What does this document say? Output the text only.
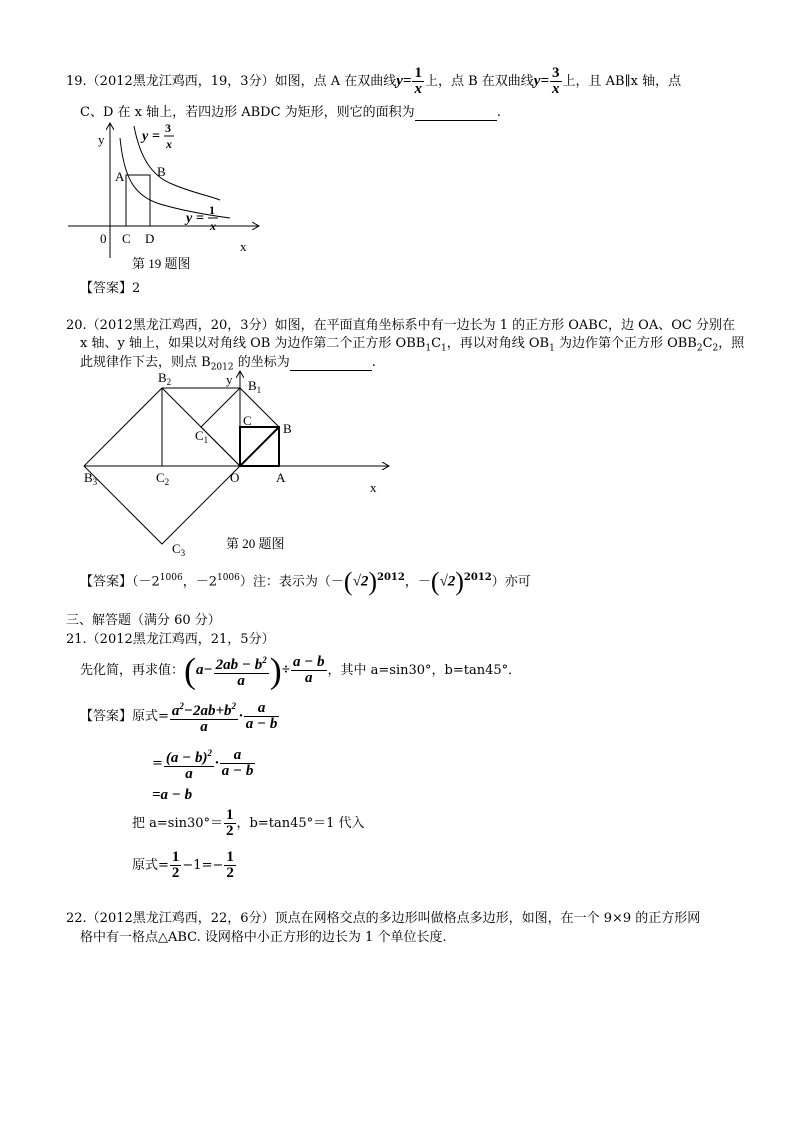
19.（2012黑龙江鸡西，19，3分）如图，点 A 在双曲线$y= \frac{1}{x}$ 上，点 B 在双曲线$y= \frac{3}{x}$ 上，且 AB∥x 轴，点
C、D 在 x 轴上，若四边形 ABDC 为矩形，则它的面积为	.
y
x
0
A	B
C D
y =
3
x
y =
1
x
第 19 题图
【答案】2
20.（2012黑龙江鸡西，20，3分）如图，在平面直角坐标系中有一边长为 1 的正方形 OABC，边 OA、OC 分别在
x 轴、y 轴上，如果以对角线 OB 为边作第二个正方形 $OBB_1C_1$，再以对角线 $OB_1$ 为边作第个正方形 $OBB_2C_2$，照
此规律作下去，则点 $B_{2012}$ 的坐标为	.
$B_2$	y $B_1$
C
B
$C_1$
$B_3$	$C_2$	O	A
x
$C_3$
第 20 题图
【答案】（$-2^{1006}$，$-2^{1006}$）注：表示为（$-(√2)^{2012}$，$-(√2)^{2012}$）亦可
三、解答题（满分 60 分）
21.（2012黑龙江鸡西，21，5分）
先化简，再求值：($a- \frac{2ab - b^2}{a}$ )÷ $\frac{a - b}{a}$ ，其中 a=sin30°，b=tan45°．
【答案】原式= $\frac{a^2-2ab+b^2}{a} \cdot \frac{a}{a - b}$
= $\frac{(a - b)^2}{a} \cdot \frac{a}{a - b}$
=a − b
把 $a=\sin 30^\circ= \frac{1}{2}$ ，b=tan45°＝1 代入
原式= $\frac{1}{2} -1=- \frac{1}{2}$
22.（2012黑龙江鸡西，22，6分）顶点在网格交点的多边形叫做格点多边形，如图，在一个 9×9 的正方形网
格中有一格点△ABC. 设网格中小正方形的边长为 1 个单位长度.
